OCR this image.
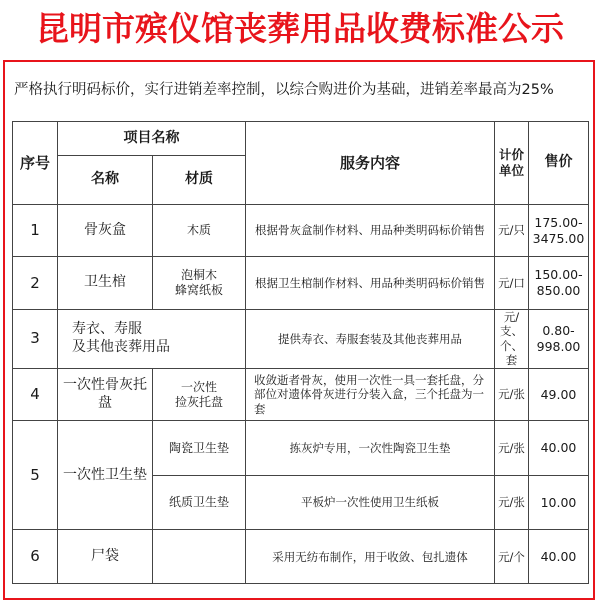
昆明市殡仪馆丧葬用品收费标准公示
严格执行明码标价，实行进销差率控制，以综合购进价为基础，进销差率最高为25%
序号	项目名称		服务内容	计价单位	售价
	名称	材质			
1	骨灰盒	木质	根据骨灰盒制作材料、用品种类明码标价销售	元/只	175.00-
3475.00
2	卫生棺	泡桐木
蜂窝纸板	根据卫生棺制作材料、用品种类明码标价销售	元/口	150.00-
850.00
3	寿衣、寿服
及其他丧葬用品		提供寿衣、寿服套装及其他丧葬用品	元/支、
个、套	0.80-
998.00
4	一次性骨灰托盘	一次性
捡灰托盘	收敛逝者骨灰，使用一次性一具一套托盘，分部位对遗体骨灰进行分装入盒，三个托盘为一套	元/张	49.00
5	一次性卫生垫	陶瓷卫生垫	拣灰炉专用，一次性陶瓷卫生垫	元/张	40.00
		纸质卫生垫	平板炉一次性使用卫生纸板	元/张	10.00
6	尸袋		采用无纺布制作，用于收敛、包扎遗体	元/个	40.00
